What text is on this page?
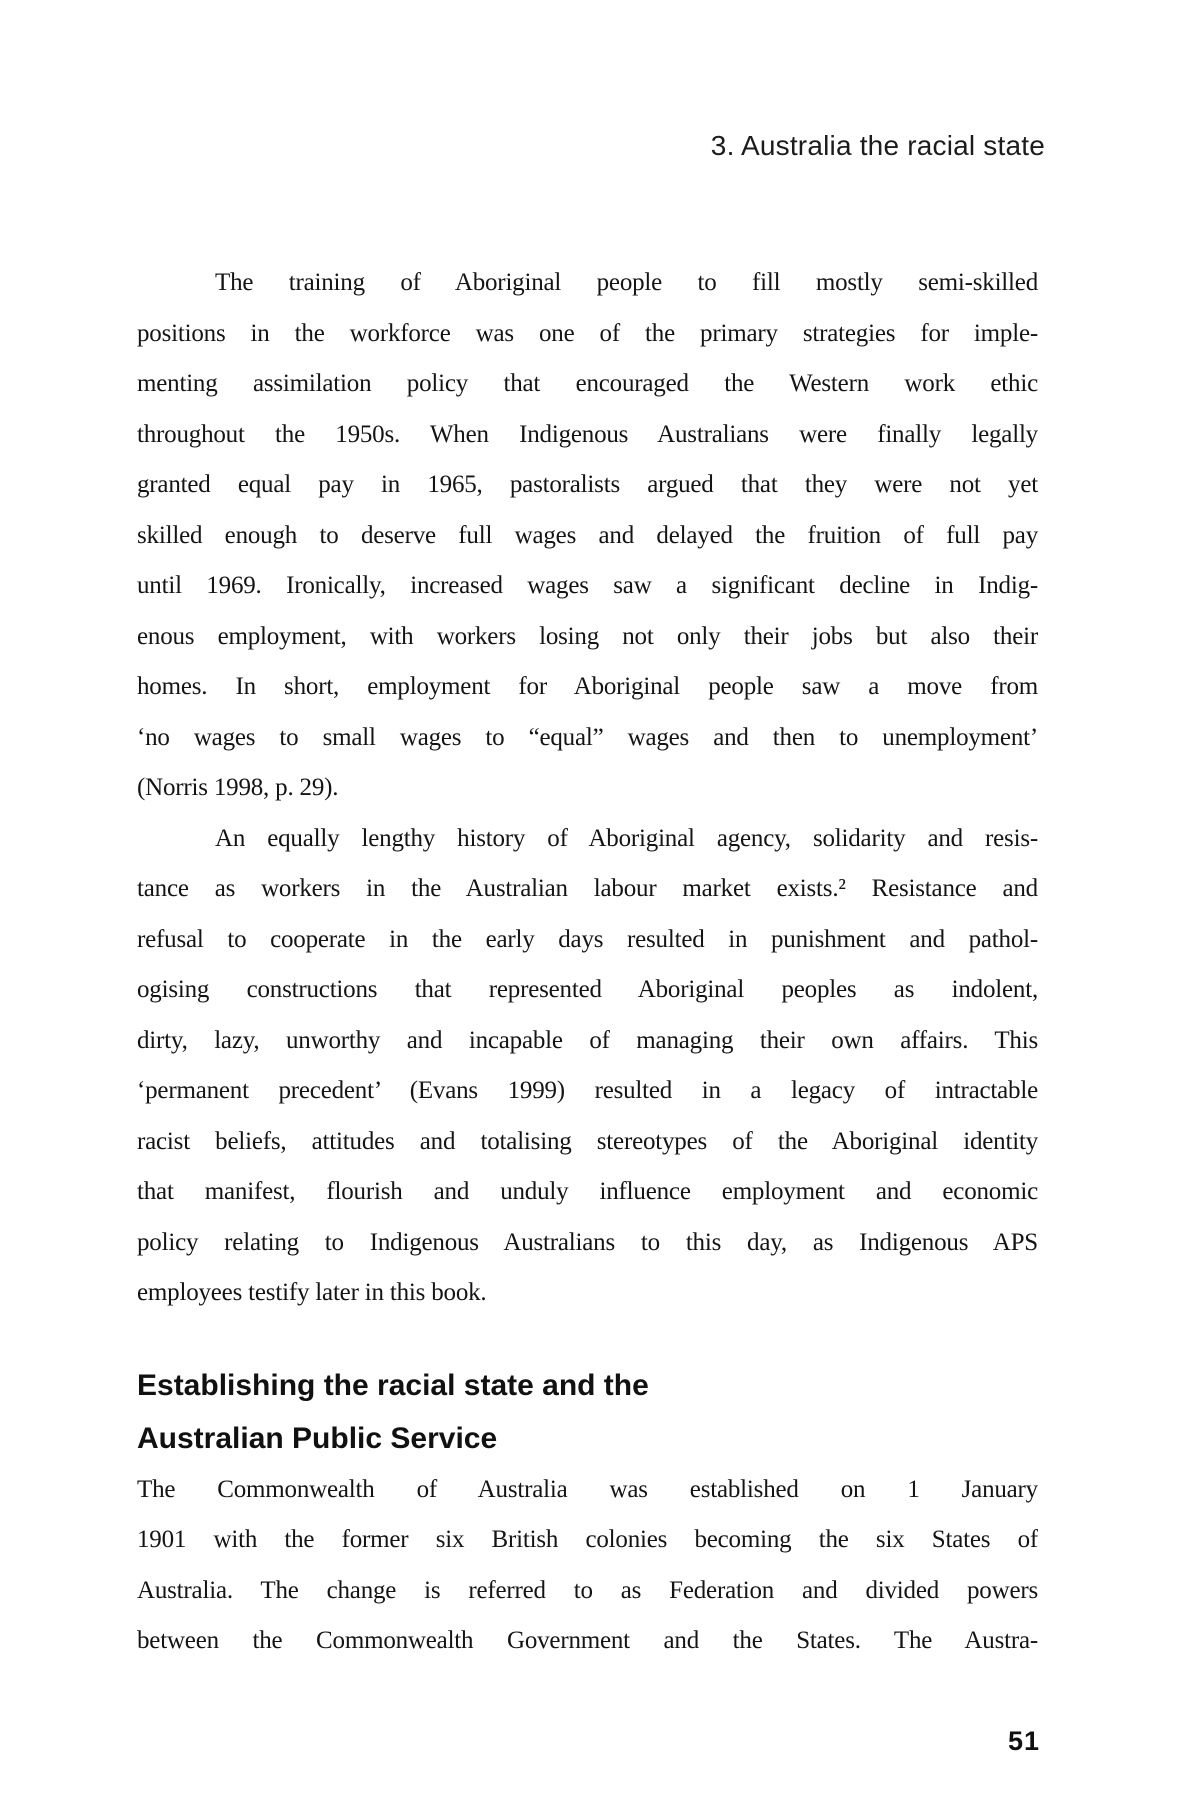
3. Australia the racial state
The training of Aboriginal people to fill mostly semi-skilled
positions in the workforce was one of the primary strategies for imple-
menting assimilation policy that encouraged the Western work ethic
throughout the 1950s. When Indigenous Australians were finally legally
granted equal pay in 1965, pastoralists argued that they were not yet
skilled enough to deserve full wages and delayed the fruition of full pay
until 1969. Ironically, increased wages saw a significant decline in Indig-
enous employment, with workers losing not only their jobs but also their
homes. In short, employment for Aboriginal people saw a move from
‘no wages to small wages to “equal” wages and then to unemployment’
(Norris 1998, p. 29).
An equally lengthy history of Aboriginal agency, solidarity and resis-
tance as workers in the Australian labour market exists.² Resistance and
refusal to cooperate in the early days resulted in punishment and pathol-
ogising constructions that represented Aboriginal peoples as indolent,
dirty, lazy, unworthy and incapable of managing their own affairs. This
‘permanent precedent’ (Evans 1999) resulted in a legacy of intractable
racist beliefs, attitudes and totalising stereotypes of the Aboriginal identity
that manifest, flourish and unduly influence employment and economic
policy relating to Indigenous Australians to this day, as Indigenous APS
employees testify later in this book.
Establishing the racial state and the
Australian Public Service
The Commonwealth of Australia was established on 1 January
1901 with the former six British colonies becoming the six States of
Australia. The change is referred to as Federation and divided powers
between the Commonwealth Government and the States. The Austra-
51
